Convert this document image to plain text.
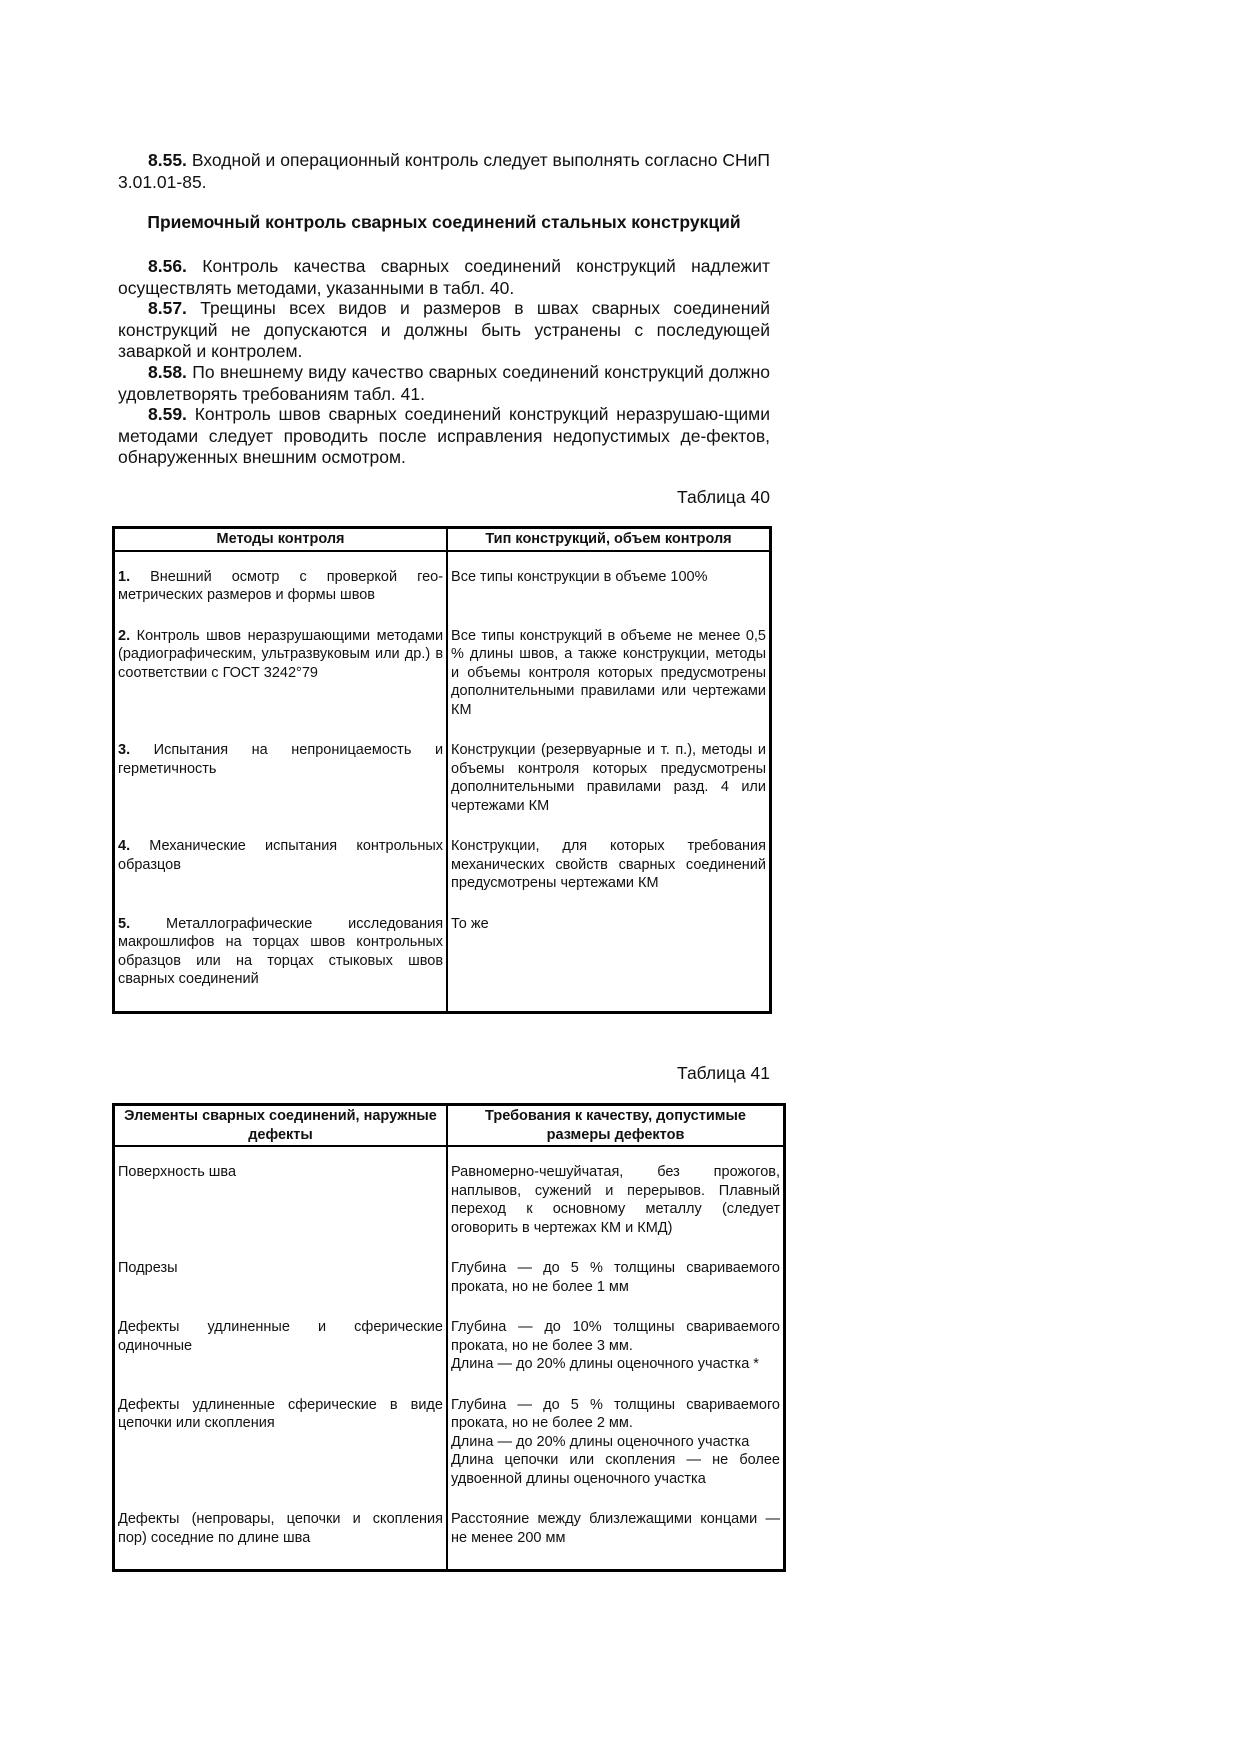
8.55. Входной и операционный контроль следует выполнять согласно СНиП 3.01.01-85.
Приемочный контроль сварных соединений стальных конструкций
8.56. Контроль качества сварных соединений конструкций надлежит осуществлять методами, указанными в табл. 40.
8.57. Трещины всех видов и размеров в швах сварных соединений конструкций не допускаются и должны быть устранены с последующей заваркой и контролем.
8.58. По внешнему виду качество сварных соединений конструкций должно удовлетворять требованиям табл. 41.
8.59. Контроль швов сварных соединений конструкций неразрушаю-щими методами следует проводить после исправления недопустимых де-фектов, обнаруженных внешним осмотром.
Таблица 40
Методы контроля	Тип конструкций, объем контроля

1. Внешний осмотр с проверкой гео-метрических размеров и формы швов	Все типы конструкции в объеме 100%

2. Контроль швов неразрушающими методами (радиографическим, ультразвуковым или др.) в соответствии с ГОСТ 3242°79	Все типы конструкций в объеме не менее 0,5 % длины швов, а также конструкции, методы и объемы контроля которых предусмотрены дополнительными правилами или чертежами КМ

3. Испытания на непроницаемость и герметичность	Конструкции (резервуарные и т. п.), методы и объемы контроля которых предусмотрены дополнительными правилами разд. 4 или чертежами КМ

4. Механические испытания контрольных образцов	Конструкции, для которых требования механических свойств сварных соединений предусмотрены чертежами КМ

5. Металлографические исследования макрошлифов на торцах швов контрольных образцов или на торцах стыковых швов сварных соединений	То же

Таблица 41
Элементы сварных соединений, наружные дефекты	Требования к качеству, допустимые размеры дефектов

Поверхность шва	Равномерно-чешуйчатая, без прожогов, наплывов, сужений и перерывов. Плавный переход к основному металлу (следует оговорить в чертежах КМ и КМД)

Подрезы	Глубина — до 5 % толщины свариваемого проката, но не более 1 мм

Дефекты удлиненные и сферические одиночные	Глубина — до 10% толщины свариваемого проката, но не более 3 мм.
Длина — до 20% длины оценочного участка *

Дефекты удлиненные сферические в виде цепочки или скопления	Глубина — до 5 % толщины свариваемого проката, но не более 2 мм.
Длина — до 20% длины оценочного участка
Длина цепочки или скопления — не более удвоенной длины оценочного участка

Дефекты (непровары, цепочки и скопления пор) соседние по длине шва	Расстояние между близлежащими концами — не менее 200 мм
